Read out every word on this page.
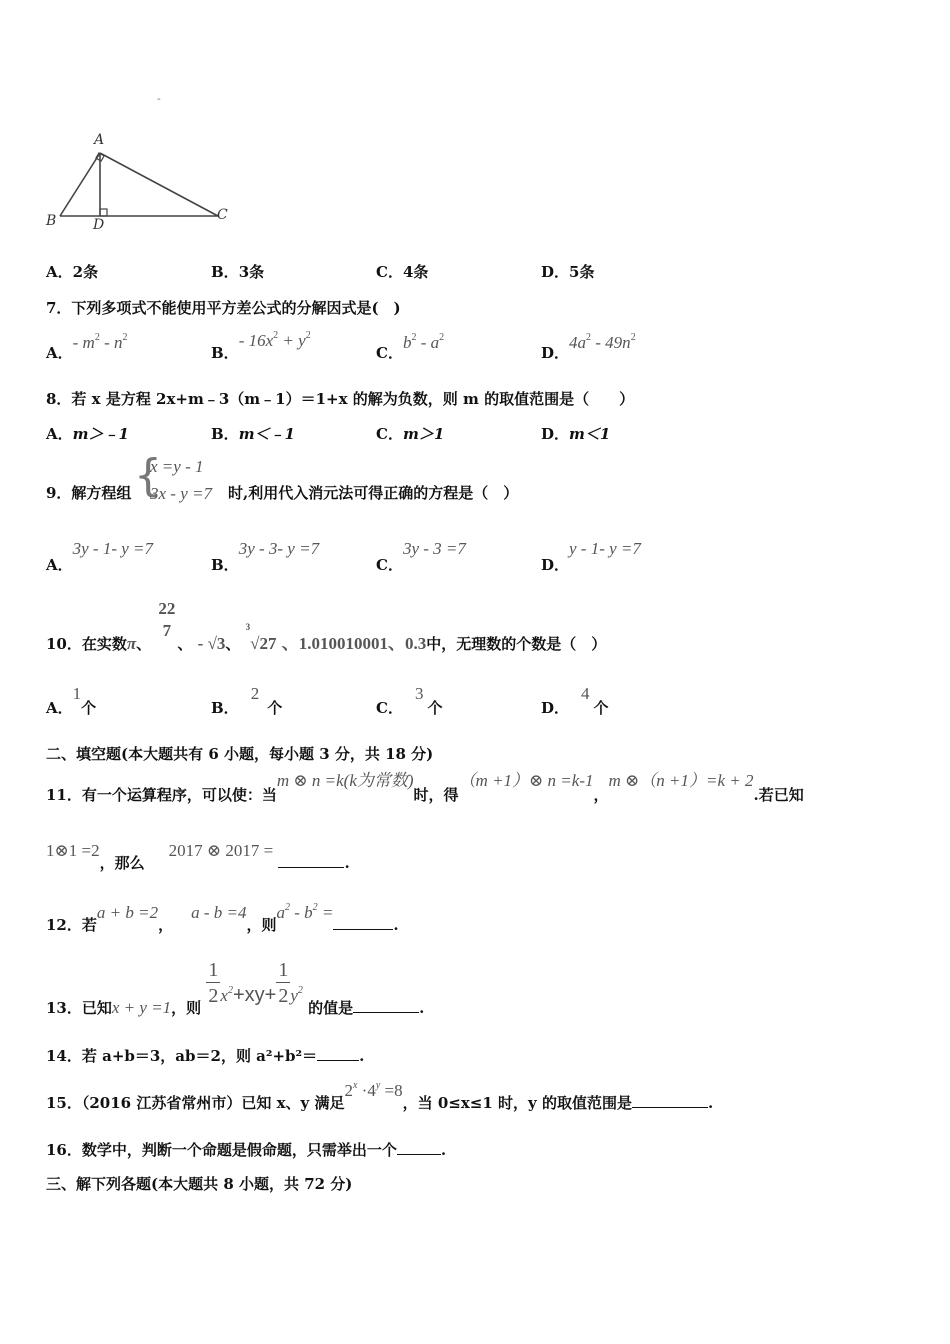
-
A
B	D
C
A．2条	B．3条	C．4条	D．5条
7．下列多项式不能使用平方差公式的分解因式是(　)
A．- $m^2 - n^2$
B．- $16x^2 + y^2$
C．$b^2 - a^2$
D．$4a^2 - 49n^2$
8．若 x 是方程 2x+m﹣3（m﹣1）＝1+x 的解为负数，则 m 的取值范围是（　　）
A．m＞﹣1	B．m＜﹣1	C．m＞1	D．m＜1
9．解方程组 {
x =y - 1
3x - y =7 时,利用代入消元法可得正确的方程是（　）
A．3y - 1- y =7
B．3y - 3- y =7
C．3y - 3 =7
D．y - 1- y =7
10．在实数π、
22
7
、 - √3、 $^3$√27 、1.010010001、0.3中，无理数的个数是（　）
A．1个	B．2个	C．3个	D．4个
二、填空题(本大题共有 6 小题，每小题 3 分，共 18 分)
11．有一个运算程序，可以使：当m ⊗ n =k(k为常数)时，得（m +1）⊗ n =k-1，m ⊗（n +1）=k + 2.若已知
1⊗1 =2，那么2017 ⊗ 2017 = .
12．若a + b =2，a - b =4，则$a^2 - b^2$ =.
13．已知x + y =1，则
$\frac{1}{2} x^2+xy+ \frac{1}{2} y^2$ 的值是	.
14．若 a+b＝3，ab＝2，则 a²+b²＝	.
15．（2016 江苏省常州市）已知 x、y 满足$2^x \cdot 4^y =8$，当 0≤x≤1 时，y 的取值范围是	.
16．数学中，判断一个命题是假命题，只需举出一个	.
三、解下列各题(本大题共 8 小题，共 72 分)
